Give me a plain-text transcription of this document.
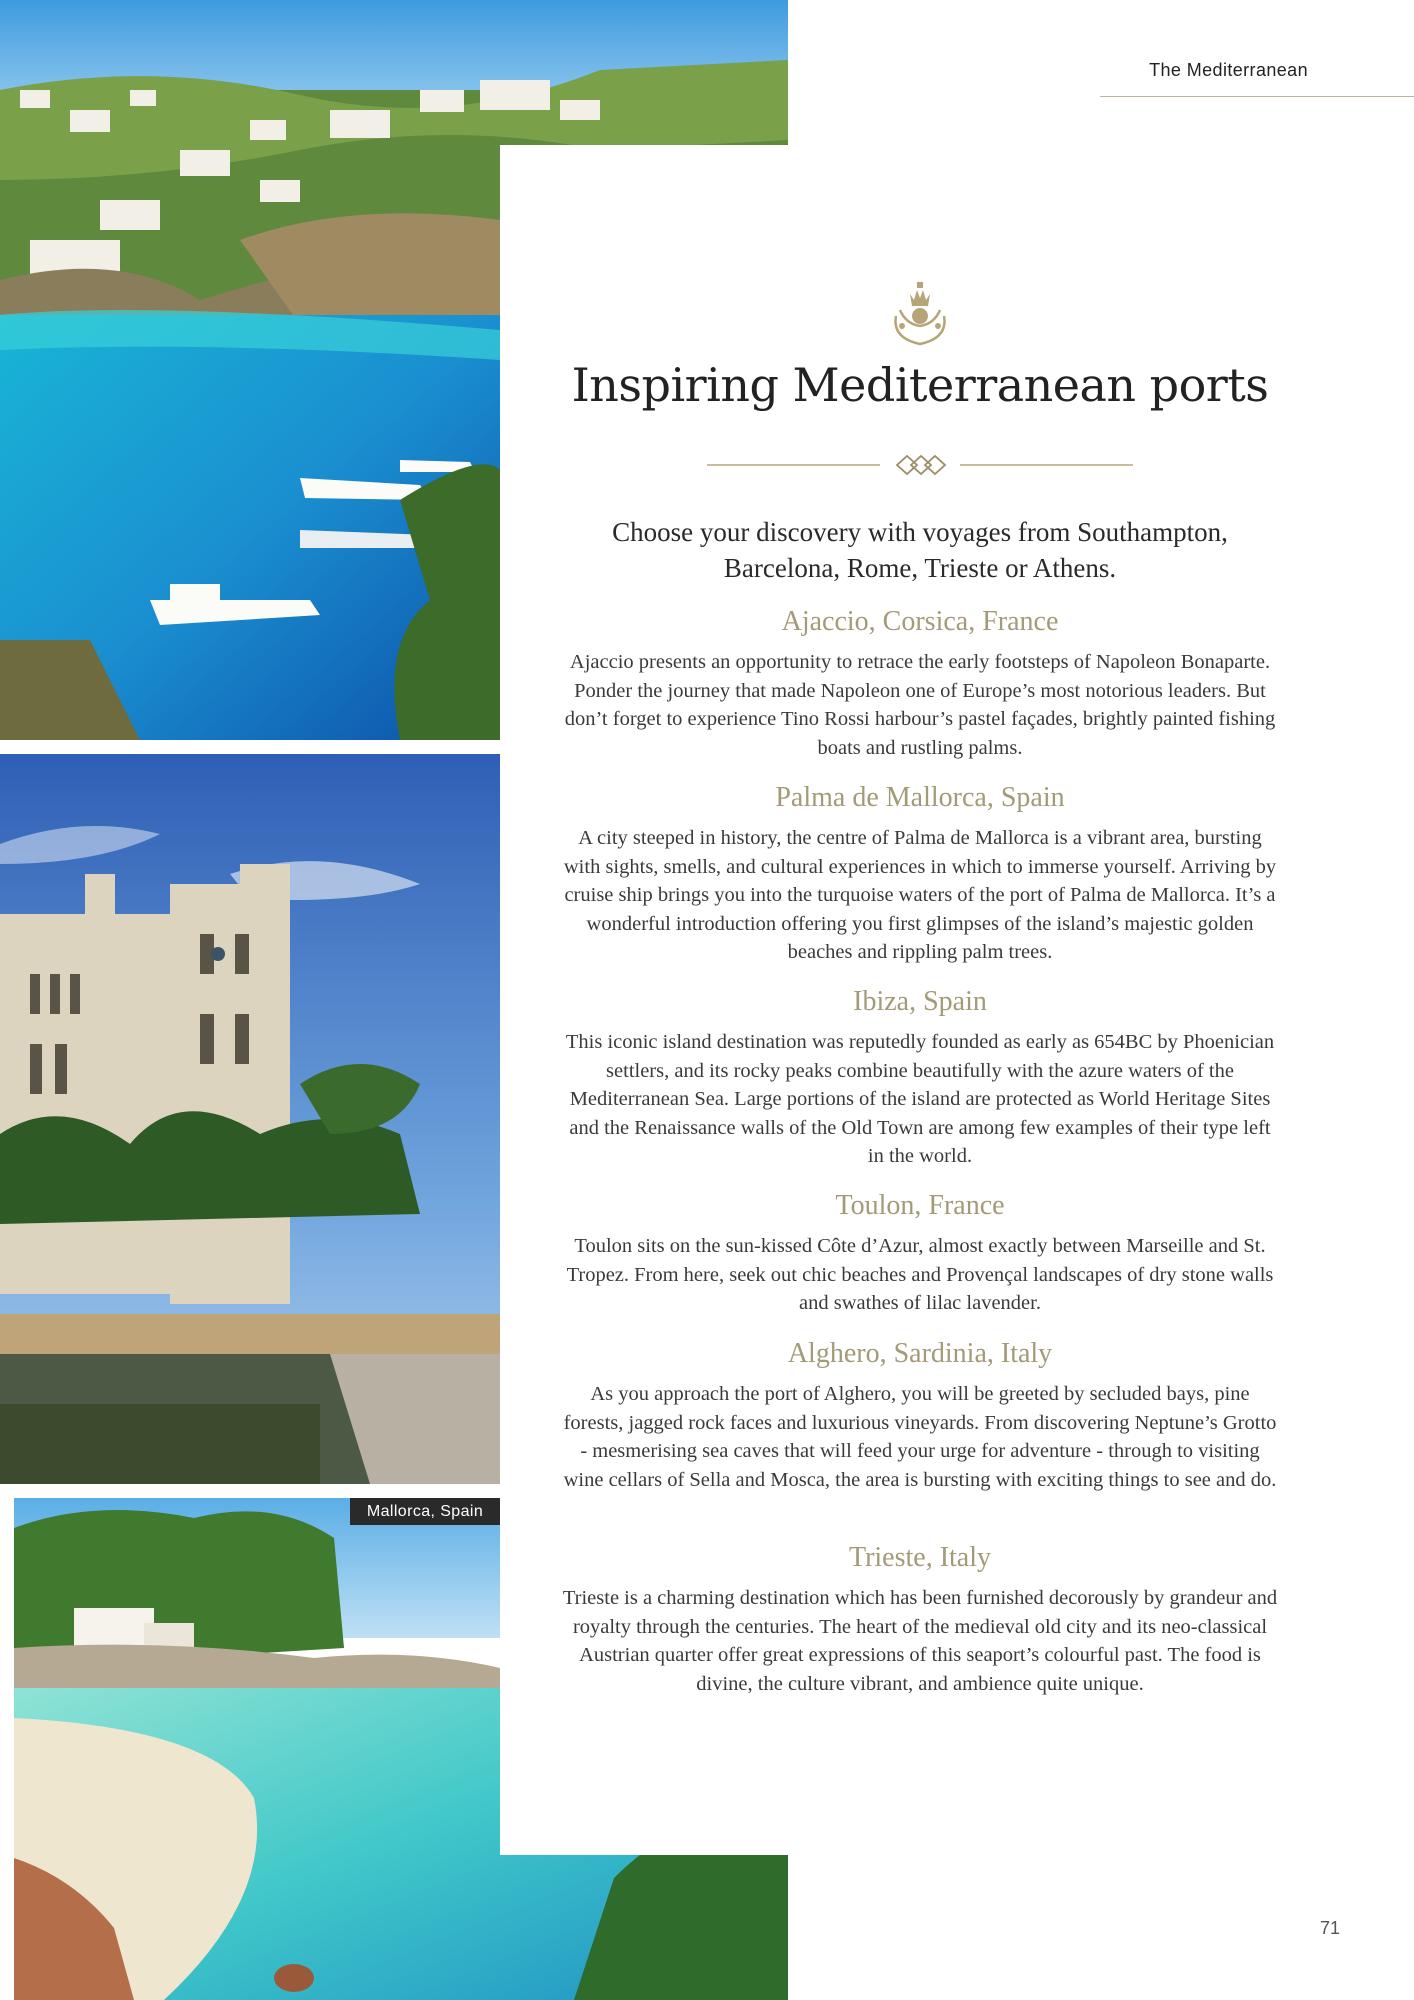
The Mediterranean
Inspiring Mediterranean ports
Choose your discovery with voyages from Southampton, Barcelona, Rome, Trieste or Athens.
Ajaccio, Corsica, France

Ajaccio presents an opportunity to retrace the early footsteps of Napoleon Bonaparte. Ponder the journey that made Napoleon one of Europe’s most notorious leaders. But don’t forget to experience Tino Rossi harbour’s pastel façades, brightly painted fishing boats and rustling palms.

Palma de Mallorca, Spain

A city steeped in history, the centre of Palma de Mallorca is a vibrant area, bursting with sights, smells, and cultural experiences in which to immerse yourself. Arriving by cruise ship brings you into the turquoise waters of the port of Palma de Mallorca. It’s a wonderful introduction offering you first glimpses of the island’s majestic golden beaches and rippling palm trees.

Ibiza, Spain

This iconic island destination was reputedly founded as early as 654BC by Phoenician settlers, and its rocky peaks combine beautifully with the azure waters of the Mediterranean Sea. Large portions of the island are protected as World Heritage Sites and the Renaissance walls of the Old Town are among few examples of their type left in the world.

Toulon, France

Toulon sits on the sun-kissed Côte d’Azur, almost exactly between Marseille and St. Tropez. From here, seek out chic beaches and Provençal landscapes of dry stone walls and swathes of lilac lavender.

Alghero, Sardinia, Italy

As you approach the port of Alghero, you will be greeted by secluded bays, pine forests, jagged rock faces and luxurious vineyards. From discovering Neptune’s Grotto - mesmerising sea caves that will feed your urge for adventure - through to visiting wine cellars of Sella and Mosca, the area is bursting with exciting things to see and do.

Trieste, Italy

Trieste is a charming destination which has been furnished decorously by grandeur and royalty through the centuries. The heart of the medieval old city and its neo-classical Austrian quarter offer great expressions of this seaport’s colourful past. The food is divine, the culture vibrant, and ambience quite unique.

Mallorca, Spain
71
